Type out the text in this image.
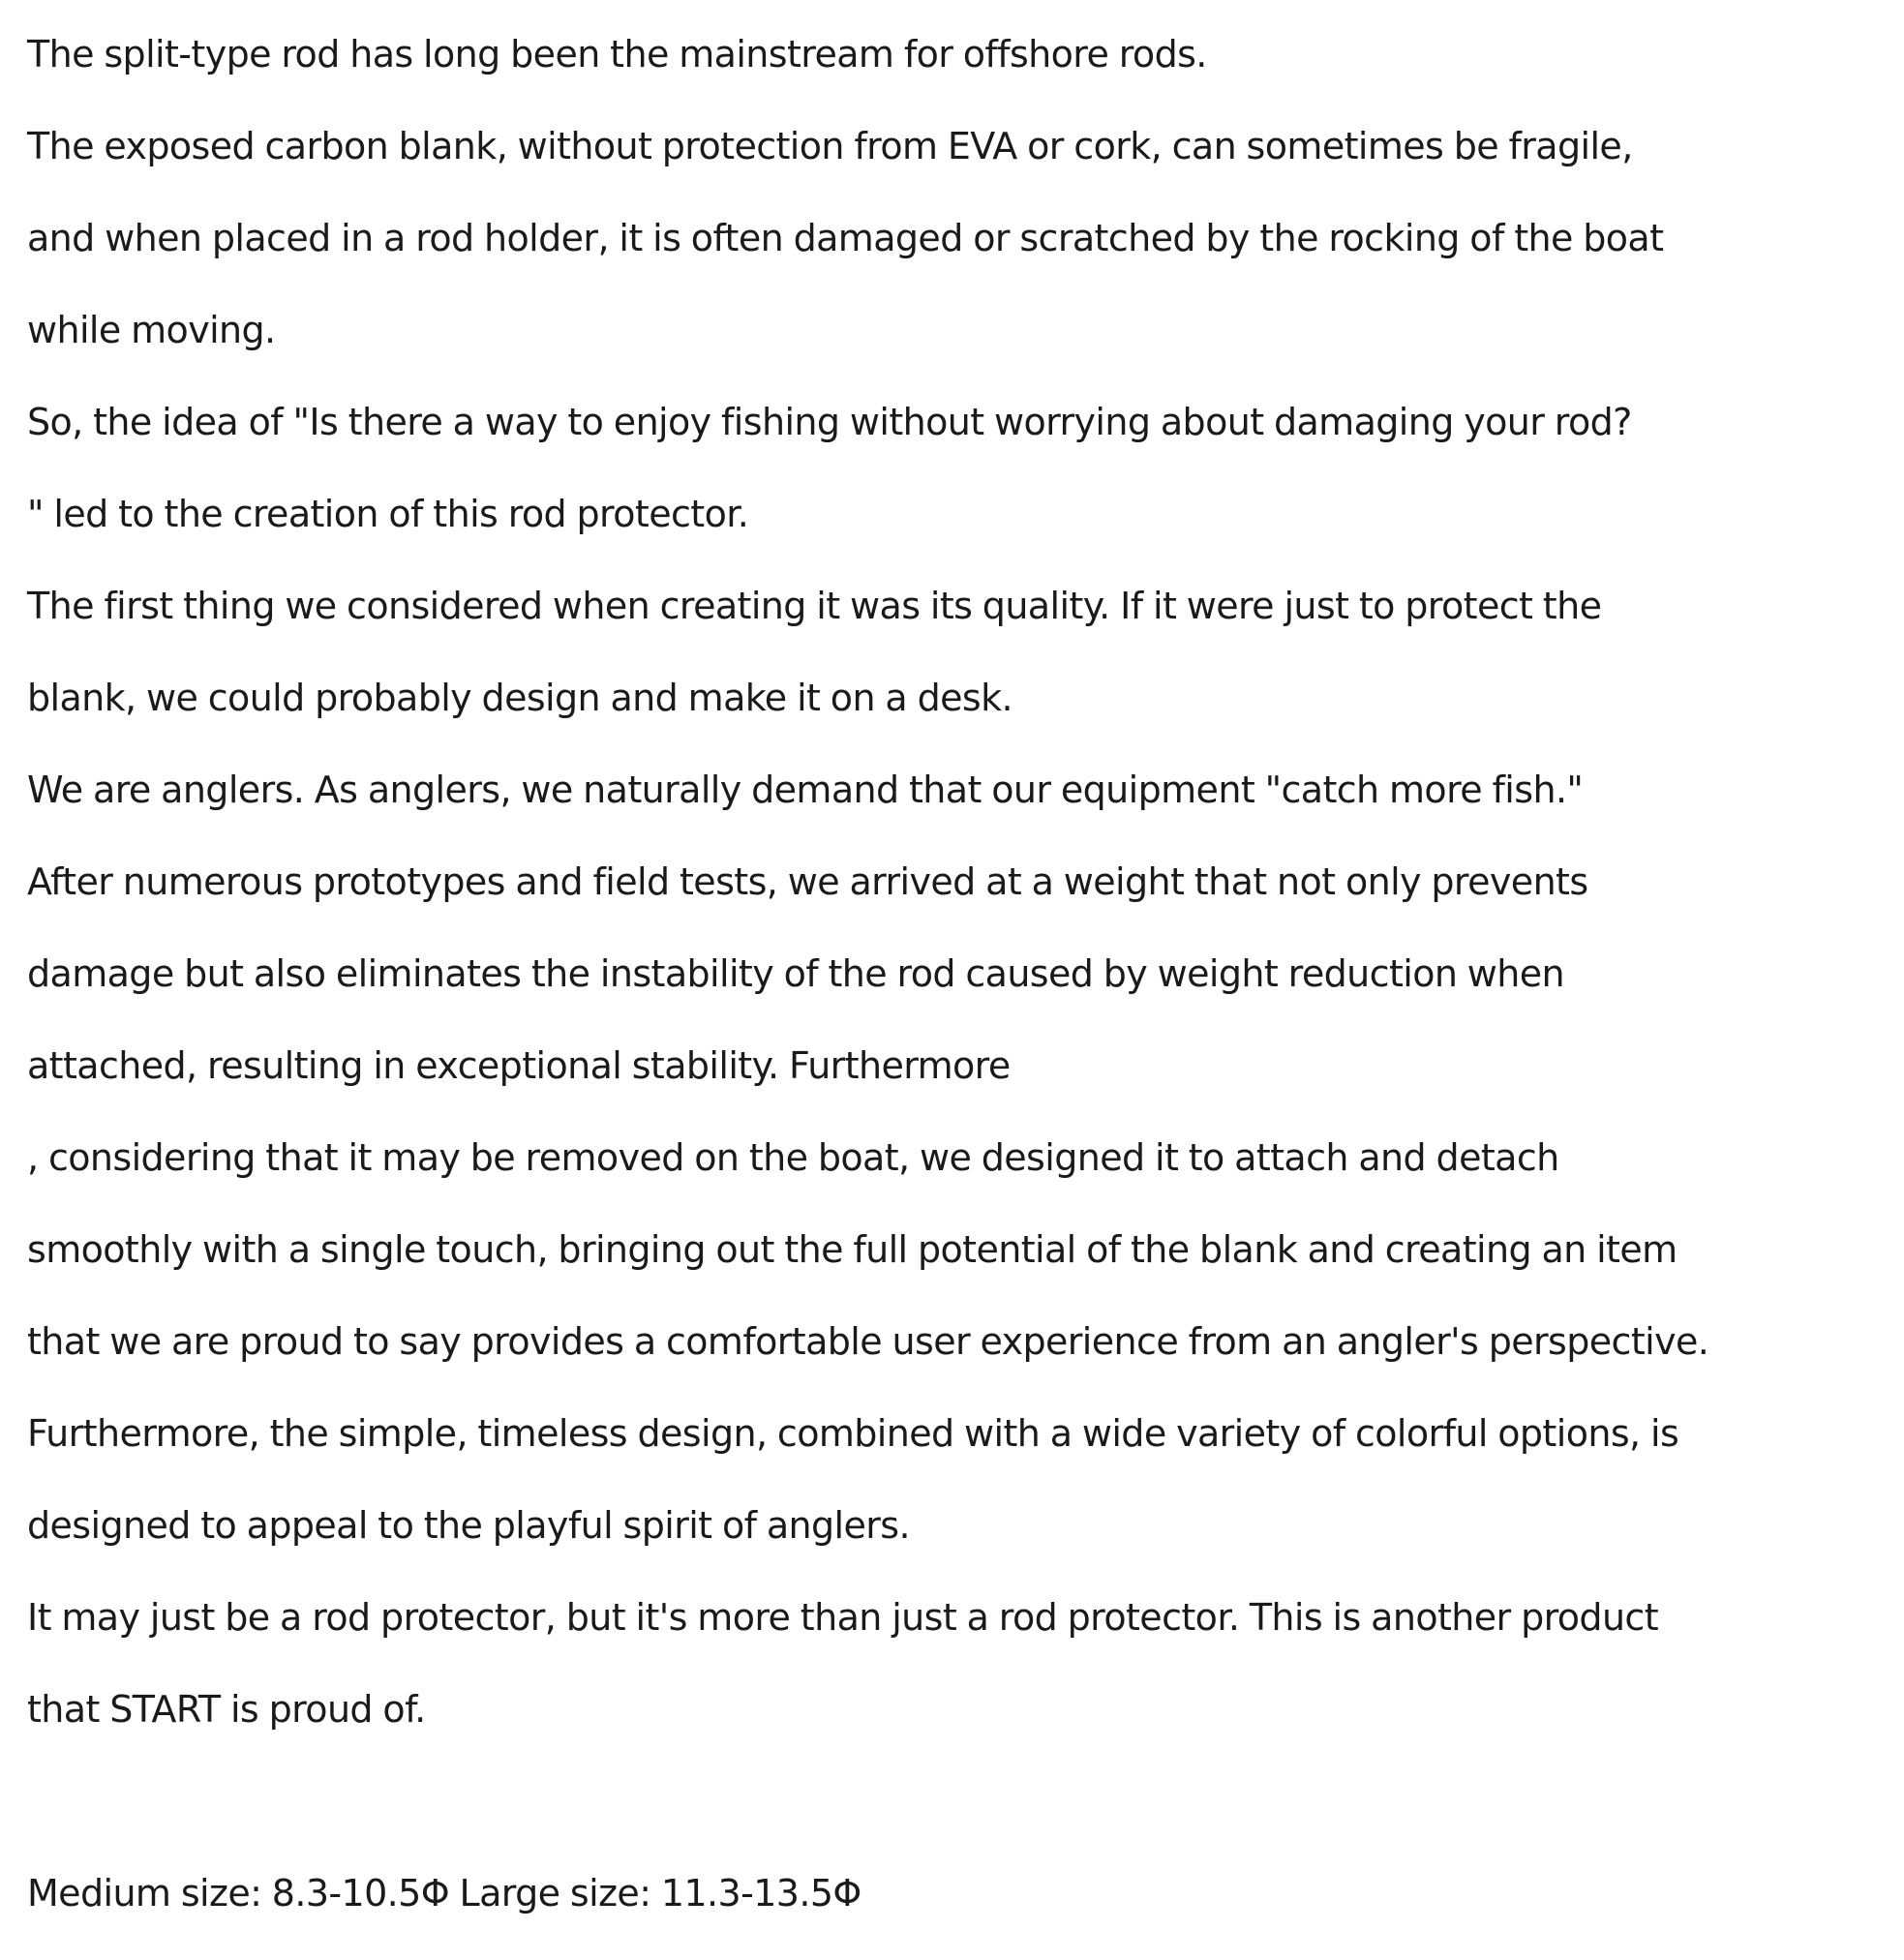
The split-type rod has long been the mainstream for offshore rods.
The exposed carbon blank, without protection from EVA or cork, can sometimes be fragile,
and when placed in a rod holder, it is often damaged or scratched by the rocking of the boat
while moving.
So, the idea of "Is there a way to enjoy fishing without worrying about damaging your rod?
" led to the creation of this rod protector.
The first thing we considered when creating it was its quality. If it were just to protect the
blank, we could probably design and make it on a desk.
We are anglers. As anglers, we naturally demand that our equipment "catch more fish."
After numerous prototypes and field tests, we arrived at a weight that not only prevents
damage but also eliminates the instability of the rod caused by weight reduction when
attached, resulting in exceptional stability. Furthermore
, considering that it may be removed on the boat, we designed it to attach and detach
smoothly with a single touch, bringing out the full potential of the blank and creating an item
that we are proud to say provides a comfortable user experience from an angler's perspective.
Furthermore, the simple, timeless design, combined with a wide variety of colorful options, is
designed to appeal to the playful spirit of anglers.
It may just be a rod protector, but it's more than just a rod protector. This is another product
that START is proud of.
Medium size: 8.3-10.5Φ Large size: 11.3-13.5Φ
